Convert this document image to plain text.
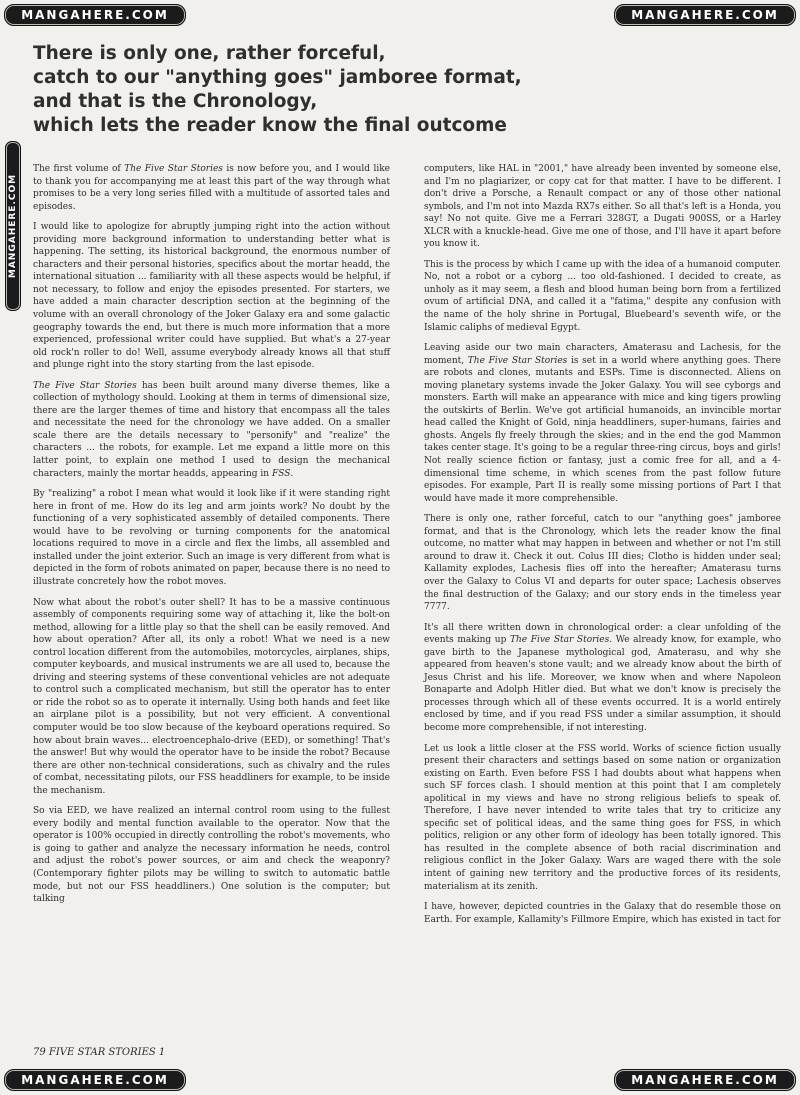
MANGAHERE.COM	MANGAHERE.COM
MANGAHERE.COM
There is only one, rather forceful,
catch to our "anything goes" jamboree format,
and that is the Chronology,
which lets the reader know the final outcome

The first volume of The Five Star Stories is now before you, and I would like to thank you for accompanying me at least this part of the way through what promises to be a very long series filled with a multitude of assorted tales and episodes.

I would like to apologize for abruptly jumping right into the action without providing more background information to understanding better what is happening. The setting, its historical background, the enormous number of characters and their personal histories, specifics about the mortar headd, the international situation ... familiarity with all these aspects would be helpful, if not necessary, to follow and enjoy the episodes presented. For starters, we have added a main character description section at the beginning of the volume with an overall chronology of the Joker Galaxy era and some galactic geography towards the end, but there is much more information that a more experienced, professional writer could have supplied. But what's a 27-year old rock'n roller to do! Well, assume everybody already knows all that stuff and plunge right into the story starting from the last episode.

The Five Star Stories has been built around many diverse themes, like a collection of mythology should. Looking at them in terms of dimensional size, there are the larger themes of time and history that encompass all the tales and necessitate the need for the chronology we have added. On a smaller scale there are the details necessary to "personify" and "realize" the characters ... the robots, for example. Let me expand a little more on this latter point, to explain one method I used to design the mechanical characters, mainly the mortar headds, appearing in FSS.

By "realizing" a robot I mean what would it look like if it were standing right here in front of me. How do its leg and arm joints work? No doubt by the functioning of a very sophisticated assembly of detailed components. There would have to be revolving or turning components for the anatomical locations required to move in a circle and flex the limbs, all assembled and installed under the joint exterior. Such an image is very different from what is depicted in the form of robots animated on paper, because there is no need to illustrate concretely how the robot moves.

Now what about the robot's outer shell? It has to be a massive continuous assembly of components requiring some way of attaching it, like the bolt-on method, allowing for a little play so that the shell can be easily removed. And how about operation? After all, its only a robot! What we need is a new control location different from the automobiles, motorcycles, airplanes, ships, computer keyboards, and musical instruments we are all used to, because the driving and steering systems of these conventional vehicles are not adequate to control such a complicated mechanism, but still the operator has to enter or ride the robot so as to operate it internally. Using both hands and feet like an airplane pilot is a possibility, but not very efficient. A conventional computer would be too slow because of the keyboard operations required. So how about brain waves... electroencephalo-drive (EED), or something! That's the answer! But why would the operator have to be inside the robot? Because there are other non-technical considerations, such as chivalry and the rules of combat, necessitating pilots, our FSS headdliners for example, to be inside the mechanism.

So via EED, we have realized an internal control room using to the fullest every bodily and mental function available to the operator. Now that the operator is 100% occupied in directly controlling the robot's movements, who is going to gather and analyze the necessary information he needs, control and adjust the robot's power sources, or aim and check the weaponry? (Contemporary fighter pilots may be willing to switch to automatic battle mode, but not our FSS headdliners.) One solution is the computer; but talking

computers, like HAL in "2001," have already been invented by someone else, and I'm no plagiarizer, or copy cat for that matter. I have to be different. I don't drive a Porsche, a Renault compact or any of those other national symbols, and I'm not into Mazda RX7s either. So all that's left is a Honda, you say! No not quite. Give me a Ferrari 328GT, a Dugati 900SS, or a Harley XLCR with a knuckle-head. Give me one of those, and I'll have it apart before you know it.

This is the process by which I came up with the idea of a humanoid computer. No, not a robot or a cyborg ... too old-fashioned. I decided to create, as unholy as it may seem, a flesh and blood human being born from a fertilized ovum of artificial DNA, and called it a "fatima," despite any confusion with the name of the holy shrine in Portugal, Bluebeard's seventh wife, or the Islamic caliphs of medieval Egypt.

Leaving aside our two main characters, Amaterasu and Lachesis, for the moment, The Five Star Stories is set in a world where anything goes. There are robots and clones, mutants and ESPs. Time is disconnected. Aliens on moving planetary systems invade the Joker Galaxy. You will see cyborgs and monsters. Earth will make an appearance with mice and king tigers prowling the outskirts of Berlin. We've got artificial humanoids, an invincible mortar head called the Knight of Gold, ninja headdliners, super-humans, fairies and ghosts. Angels fly freely through the skies; and in the end the god Mammon takes center stage. It's going to be a regular three-ring circus, boys and girls! Not really science fiction or fantasy, just a comic free for all, and a 4-dimensional time scheme, in which scenes from the past follow future episodes. For example, Part II is really some missing portions of Part I that would have made it more comprehensible.

There is only one, rather forceful, catch to our "anything goes" jamboree format, and that is the Chronology, which lets the reader know the final outcome, no matter what may happen in between and whether or not I'm still around to draw it. Check it out. Colus III dies; Clotho is hidden under seal; Kallamity explodes, Lachesis flies off into the hereafter; Amaterasu turns over the Galaxy to Colus VI and departs for outer space; Lachesis observes the final destruction of the Galaxy; and our story ends in the timeless year 7777.

It's all there written down in chronological order: a clear unfolding of the events making up The Five Star Stories. We already know, for example, who gave birth to the Japanese mythological god, Amaterasu, and why she appeared from heaven's stone vault; and we already know about the birth of Jesus Christ and his life. Moreover, we know when and where Napoleon Bonaparte and Adolph Hitler died. But what we don't know is precisely the processes through which all of these events occurred. It is a world entirely enclosed by time, and if you read FSS under a similar assumption, it should become more comprehensible, if not interesting.

Let us look a little closer at the FSS world. Works of science fiction usually present their characters and settings based on some nation or organization existing on Earth. Even before FSS I had doubts about what happens when such SF forces clash. I should mention at this point that I am completely apolitical in my views and have no strong religious beliefs to speak of. Therefore, I have never intended to write tales that try to criticize any specific set of political ideas, and the same thing goes for FSS, in which politics, religion or any other form of ideology has been totally ignored. This has resulted in the complete absence of both racial discrimination and religious conflict in the Joker Galaxy. Wars are waged there with the sole intent of gaining new territory and the productive forces of its residents, materialism at its zenith.

I have, however, depicted countries in the Galaxy that do resemble those on Earth. For example, Kallamity's Fillmore Empire, which has existed in tact for

79 FIVE STAR STORIES 1
MANGAHERE.COM	MANGAHERE.COM
